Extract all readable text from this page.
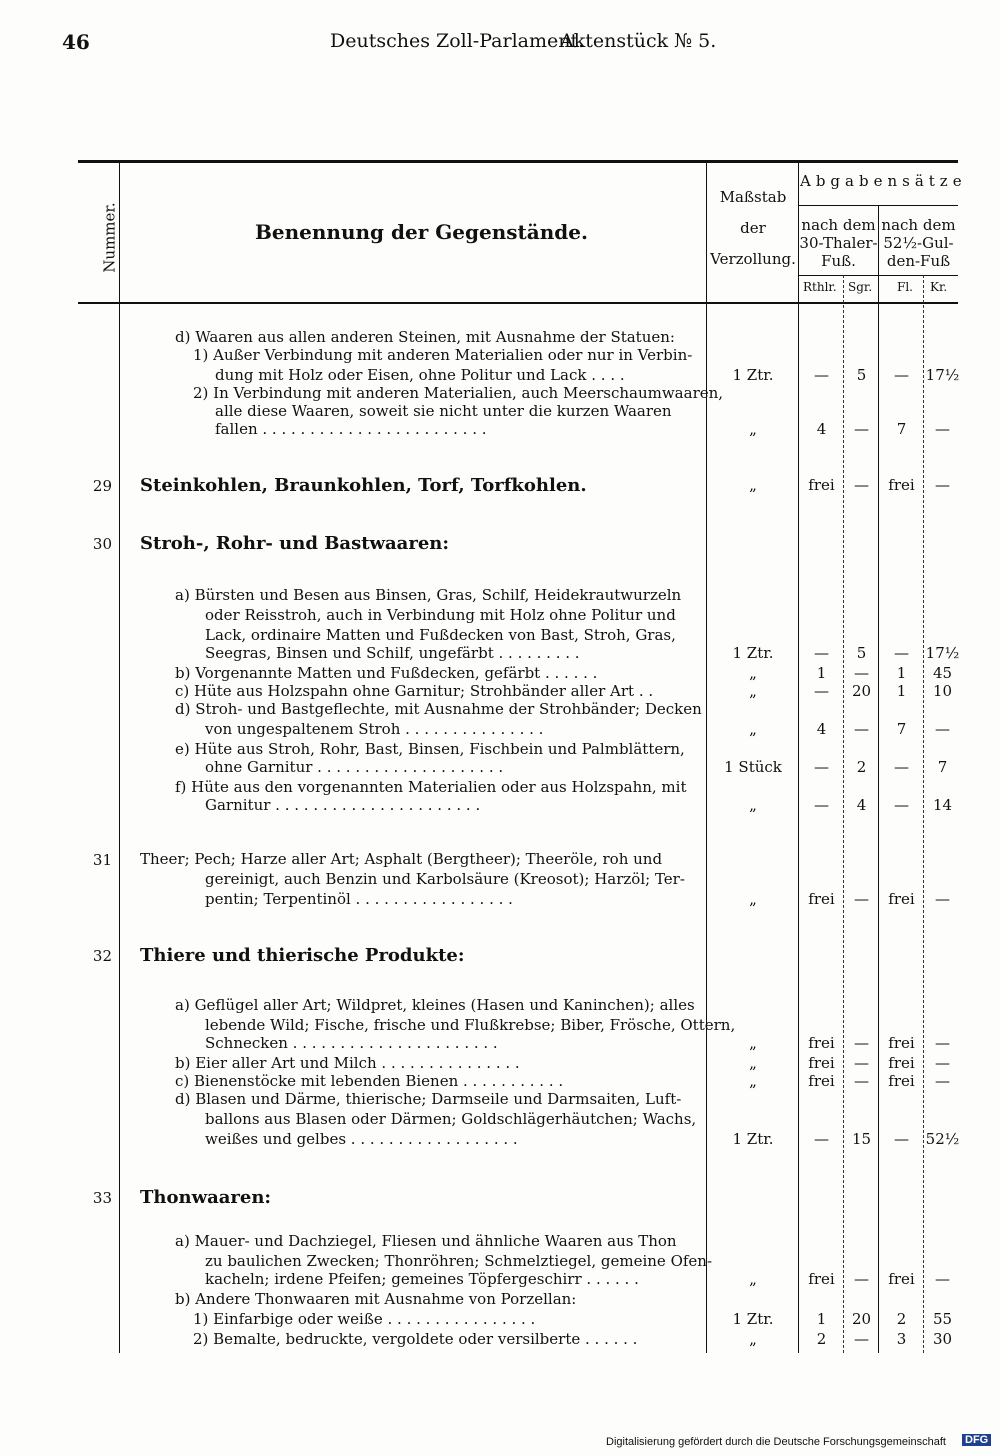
46	Deutsches Zoll-Parlament.
Aktenstück № 5.
Nummer.	Benennung der Gegenstände.
Maßstab
der
Verzollung.
Abgabensätze
nach dem
30-Thaler-
Fuß.
nach dem
52½-Gul-
den-Fuß
Rthlr. Sgr. Fl. Kr.
d) Waaren aus allen anderen Steinen, mit Ausnahme der Statuen:
1) Außer Verbindung mit anderen Materialien oder nur in Verbin-
dung mit Holz oder Eisen, ohne Politur und Lack . . . .	1 Ztr.	—	5	—	17½
2) In Verbindung mit anderen Materialien, auch Meerschaumwaaren,
alle diese Waaren, soweit sie nicht unter die kurzen Waaren
fallen . . . . . . . . . . . . . . . . . . . . . . . .	„	4	—	7	—
29 Steinkohlen, Braunkohlen, Torf, Torfkohlen.	„	frei	—	frei	—
30 Stroh-, Rohr- und Bastwaaren:
a) Bürsten und Besen aus Binsen, Gras, Schilf, Heidekrautwurzeln
oder Reisstroh, auch in Verbindung mit Holz ohne Politur und
Lack, ordinaire Matten und Fußdecken von Bast, Stroh, Gras,
Seegras, Binsen und Schilf, ungefärbt . . . . . . . . .	1 Ztr.	—	5	—	17½
b) Vorgenannte Matten und Fußdecken, gefärbt . . . . . .	„	1	—	1	45
c) Hüte aus Holzspahn ohne Garnitur; Strohbänder aller Art . .	„	—	20	1	10
d) Stroh- und Bastgeflechte, mit Ausnahme der Strohbänder; Decken
von ungespaltenem Stroh . . . . . . . . . . . . . . .	„	4	—	7	—
e) Hüte aus Stroh, Rohr, Bast, Binsen, Fischbein und Palmblättern,
ohne Garnitur . . . . . . . . . . . . . . . . . . . .	1 Stück	—	2	—	7
f) Hüte aus den vorgenannten Materialien oder aus Holzspahn, mit
Garnitur . . . . . . . . . . . . . . . . . . . . . .	„	—	4	—	14
31 Theer; Pech; Harze aller Art; Asphalt (Bergtheer); Theeröle, roh und
gereinigt, auch Benzin und Karbolsäure (Kreosot); Harzöl; Ter-
pentin; Terpentinöl . . . . . . . . . . . . . . . . .	„	frei	—	frei	—
32 Thiere und thierische Produkte:
a) Geflügel aller Art; Wildpret, kleines (Hasen und Kaninchen); alles
lebende Wild; Fische, frische und Flußkrebse; Biber, Frösche, Ottern,
Schnecken . . . . . . . . . . . . . . . . . . . . . .	„	frei	—	frei	—
b) Eier aller Art und Milch . . . . . . . . . . . . . . .	„	frei	—	frei	—
c) Bienenstöcke mit lebenden Bienen . . . . . . . . . . .	„	frei	—	frei	—
d) Blasen und Därme, thierische; Darmseile und Darmsaiten, Luft-
ballons aus Blasen oder Därmen; Goldschlägerhäutchen; Wachs,
weißes und gelbes . . . . . . . . . . . . . . . . . .	1 Ztr.	—	15	—	52½
33 Thonwaaren:
a) Mauer- und Dachziegel, Fliesen und ähnliche Waaren aus Thon
zu baulichen Zwecken; Thonröhren; Schmelztiegel, gemeine Ofen-
kacheln; irdene Pfeifen; gemeines Töpfergeschirr . . . . . .	„	frei	—	frei	—
b) Andere Thonwaaren mit Ausnahme von Porzellan:
1) Einfarbige oder weiße . . . . . . . . . . . . . . . .	1 Ztr.	1	20	2	55
2) Bemalte, bedruckte, vergoldete oder versilberte . . . . . .	„	2	—	3	30
Digitalisierung gefördert durch die Deutsche Forschungsgemeinschaft DFG
